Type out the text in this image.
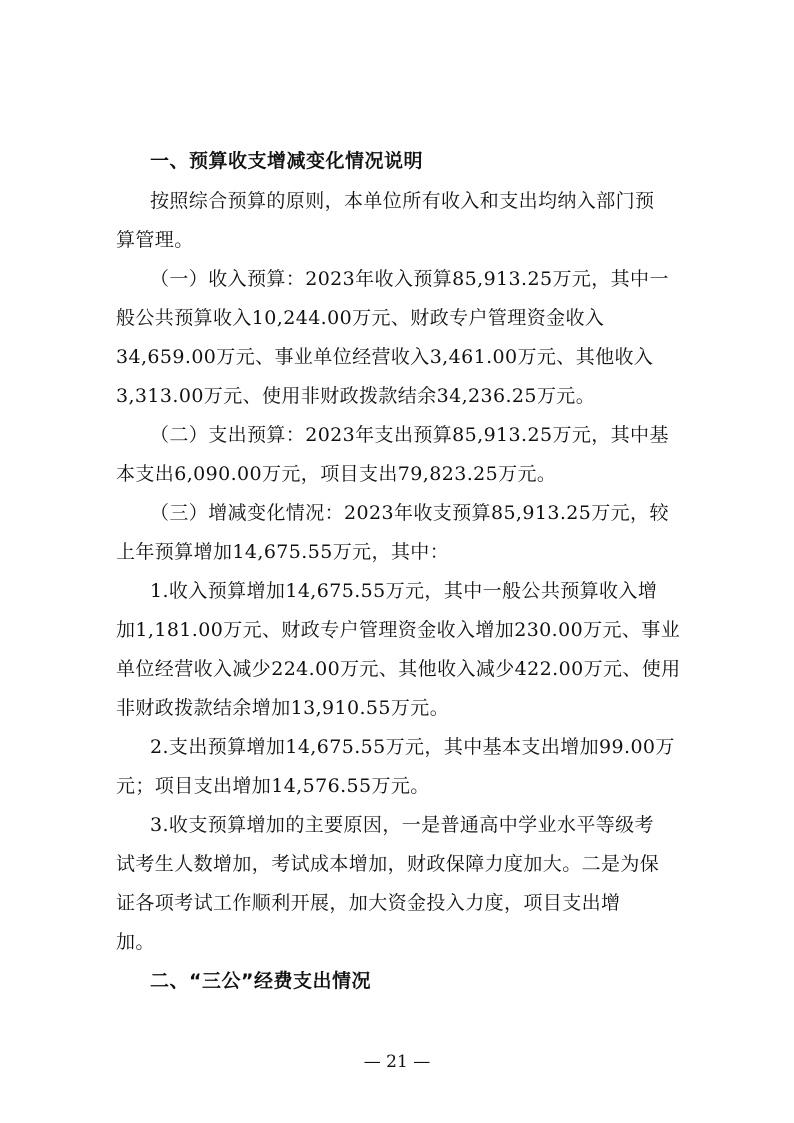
一、预算收支增减变化情况说明
按照综合预算的原则，本单位所有收入和支出均纳入部门预
算管理。
（一）收入预算：2023年收入预算85,913.25万元，其中一
般公共预算收入10,244.00万元、财政专户管理资金收入
34,659.00万元、事业单位经营收入3,461.00万元、其他收入
3,313.00万元、使用非财政拨款结余34,236.25万元。
（二）支出预算：2023年支出预算85,913.25万元，其中基
本支出6,090.00万元，项目支出79,823.25万元。
（三）增减变化情况：2023年收支预算85,913.25万元，较
上年预算增加14,675.55万元，其中：
1.收入预算增加14,675.55万元，其中一般公共预算收入增
加1,181.00万元、财政专户管理资金收入增加230.00万元、事业
单位经营收入减少224.00万元、其他收入减少422.00万元、使用
非财政拨款结余增加13,910.55万元。
2.支出预算增加14,675.55万元，其中基本支出增加99.00万
元；项目支出增加14,576.55万元。
3.收支预算增加的主要原因，一是普通高中学业水平等级考
试考生人数增加，考试成本增加，财政保障力度加大。二是为保
证各项考试工作顺利开展，加大资金投入力度，项目支出增
加。
二、“三公”经费支出情况
— 21 —
